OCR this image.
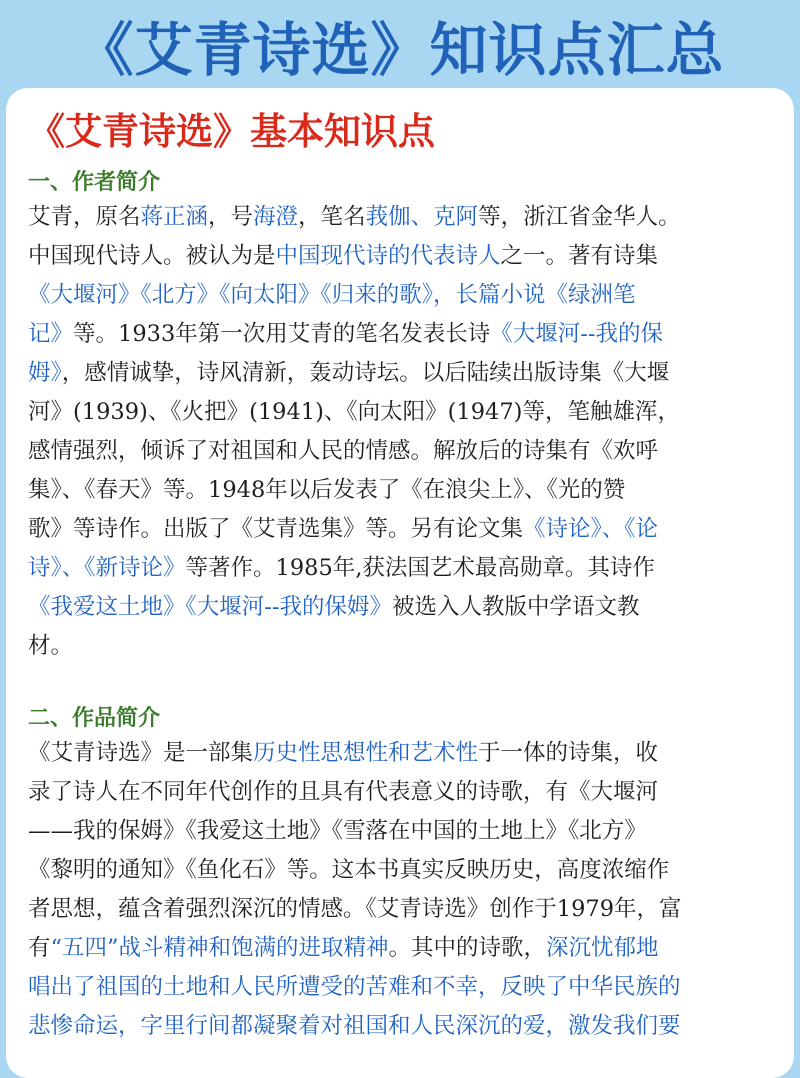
《艾青诗选》知识点汇总
《艾青诗选》基本知识点
一、作者简介
艾青，原名蒋正涵，号海澄，笔名莪伽、克阿等，浙江省金华人。
中国现代诗人。被认为是中国现代诗的代表诗人之一。著有诗集
《大堰河》《北方》《向太阳》《归来的歌》，长篇小说《绿洲笔
记》等。1933年第一次用艾青的笔名发表长诗《大堰河--我的保
姆》，感情诚挚，诗风清新，轰动诗坛。以后陆续出版诗集《大堰
河》(1939)、《火把》(1941)、《向太阳》(1947)等，笔触雄浑，
感情强烈，倾诉了对祖国和人民的情感。解放后的诗集有《欢呼
集》、《春天》等。1948年以后发表了《在浪尖上》、《光的赞
歌》等诗作。出版了《艾青选集》等。另有论文集《诗论》、《论
诗》、《新诗论》等著作。1985年,获法国艺术最高勋章。其诗作
《我爱这土地》《大堰河--我的保姆》被选入人教版中学语文教
材。
二、作品简介
《艾青诗选》是一部集历史性思想性和艺术性于一体的诗集，收
录了诗人在不同年代创作的且具有代表意义的诗歌，有《大堰河
——我的保姆》《我爱这土地》《雪落在中国的土地上》《北方》
《黎明的通知》《鱼化石》等。这本书真实反映历史，高度浓缩作
者思想，蕴含着强烈深沉的情感。《艾青诗选》创作于1979年，富
有“五四”战斗精神和饱满的进取精神。其中的诗歌，深沉忧郁地
唱出了祖国的土地和人民所遭受的苦难和不幸，反映了中华民族的
悲惨命运，字里行间都凝聚着对祖国和人民深沉的爱，激发我们要
